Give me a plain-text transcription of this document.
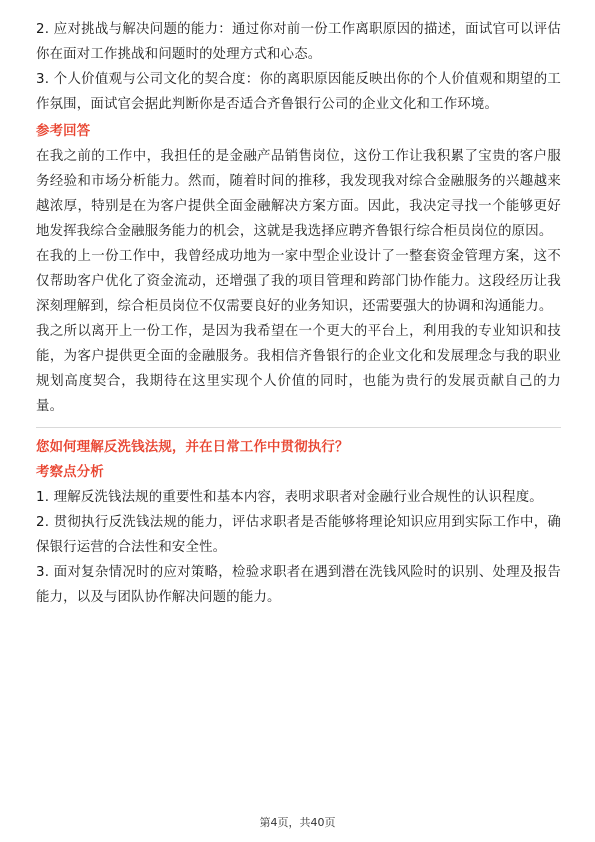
2. 应对挑战与解决问题的能力：通过你对前一份工作离职原因的描述，面试官可以评估你在面对工作挑战和问题时的处理方式和心态。

3. 个人价值观与公司文化的契合度：你的离职原因能反映出你的个人价值观和期望的工作氛围，面试官会据此判断你是否适合齐鲁银行公司的企业文化和工作环境。

参考回答

在我之前的工作中，我担任的是金融产品销售岗位，这份工作让我积累了宝贵的客户服务经验和市场分析能力。然而，随着时间的推移，我发现我对综合金融服务的兴趣越来越浓厚，特别是在为客户提供全面金融解决方案方面。因此，我决定寻找一个能够更好地发挥我综合金融服务能力的机会，这就是我选择应聘齐鲁银行综合柜员岗位的原因。

在我的上一份工作中，我曾经成功地为一家中型企业设计了一整套资金管理方案，这不仅帮助客户优化了资金流动，还增强了我的项目管理和跨部门协作能力。这段经历让我深刻理解到，综合柜员岗位不仅需要良好的业务知识，还需要强大的协调和沟通能力。

我之所以离开上一份工作，是因为我希望在一个更大的平台上，利用我的专业知识和技能，为客户提供更全面的金融服务。我相信齐鲁银行的企业文化和发展理念与我的职业规划高度契合，我期待在这里实现个人价值的同时，也能为贵行的发展贡献自己的力量。

您如何理解反洗钱法规，并在日常工作中贯彻执行？

考察点分析

1. 理解反洗钱法规的重要性和基本内容，表明求职者对金融行业合规性的认识程度。

2. 贯彻执行反洗钱法规的能力，评估求职者是否能够将理论知识应用到实际工作中，确保银行运营的合法性和安全性。

3. 面对复杂情况时的应对策略，检验求职者在遇到潜在洗钱风险时的识别、处理及报告能力，以及与团队协作解决问题的能力。

第4页，共40页
